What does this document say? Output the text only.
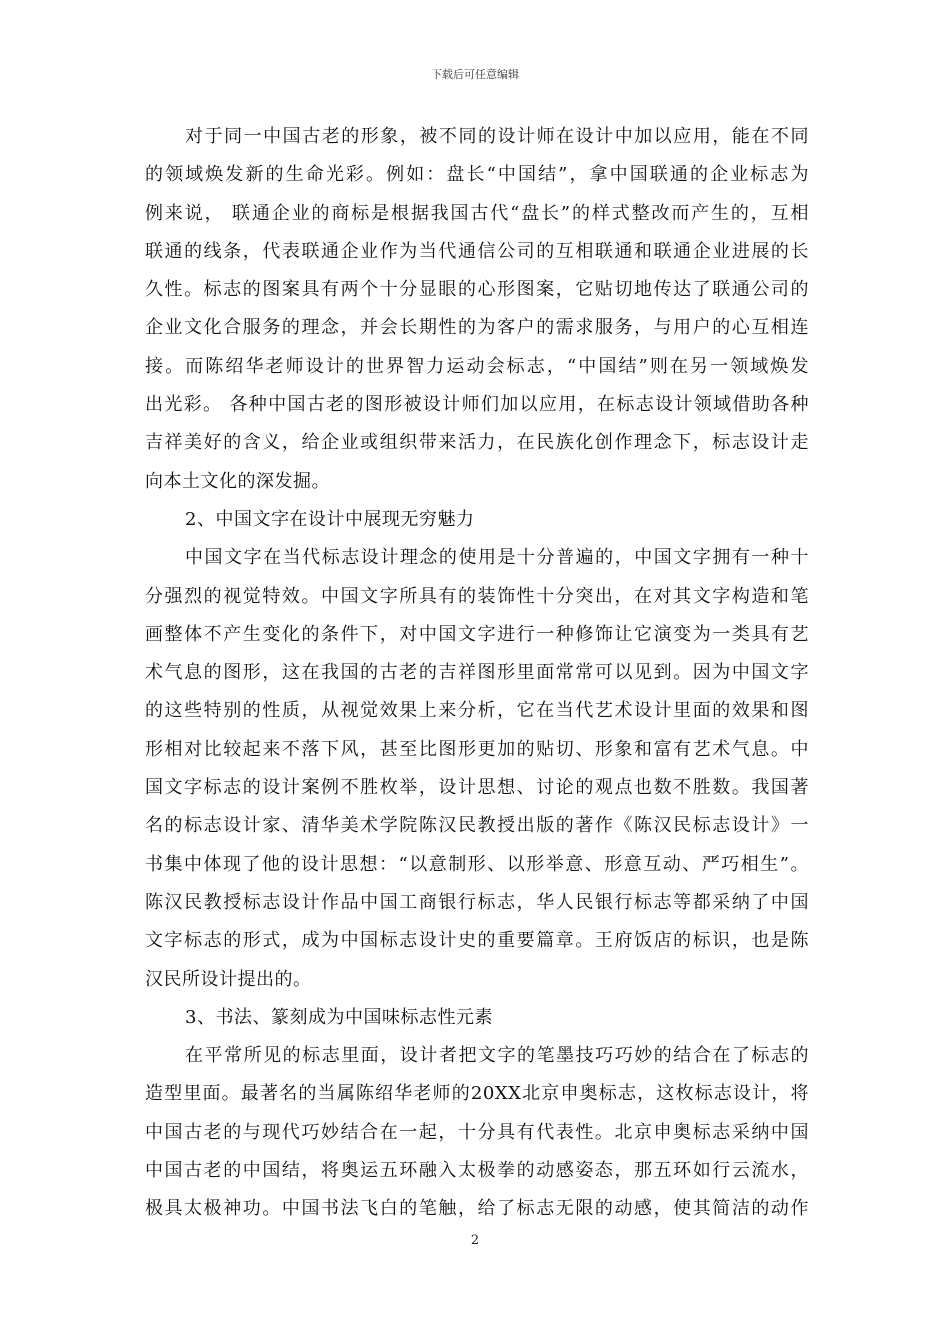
下载后可任意编辑
对于同一中国古老的形象，被不同的设计师在设计中加以应用，能在不同
的领域焕发新的生命光彩。例如：盘长“中国结”，拿中国联通的企业标志为
例来说， 联通企业的商标是根据我国古代“盘长”的样式整改而产生的，互相
联通的线条，代表联通企业作为当代通信公司的互相联通和联通企业进展的长
久性。标志的图案具有两个十分显眼的心形图案，它贴切地传达了联通公司的
企业文化合服务的理念，并会长期性的为客户的需求服务，与用户的心互相连
接。而陈绍华老师设计的世界智力运动会标志，“中国结”则在另一领域焕发
出光彩。 各种中国古老的图形被设计师们加以应用，在标志设计领域借助各种
吉祥美好的含义，给企业或组织带来活力，在民族化创作理念下，标志设计走
向本土文化的深发掘。
2、中国文字在设计中展现无穷魅力
中国文字在当代标志设计理念的使用是十分普遍的，中国文字拥有一种十
分强烈的视觉特效。中国文字所具有的装饰性十分突出，在对其文字构造和笔
画整体不产生变化的条件下，对中国文字进行一种修饰让它演变为一类具有艺
术气息的图形，这在我国的古老的吉祥图形里面常常可以见到。因为中国文字
的这些特别的性质，从视觉效果上来分析，它在当代艺术设计里面的效果和图
形相对比较起来不落下风，甚至比图形更加的贴切、形象和富有艺术气息。中
国文字标志的设计案例不胜枚举，设计思想、讨论的观点也数不胜数。我国著
名的标志设计家、清华美术学院陈汉民教授出版的著作《陈汉民标志设计》一
书集中体现了他的设计思想：“以意制形、以形举意、形意互动、严巧相生”。
陈汉民教授标志设计作品中国工商银行标志，华人民银行标志等都采纳了中国
文字标志的形式，成为中国标志设计史的重要篇章。王府饭店的标识，也是陈
汉民所设计提出的。
3、书法、篆刻成为中国味标志性元素
在平常所见的标志里面，设计者把文字的笔墨技巧巧妙的结合在了标志的
造型里面。最著名的当属陈绍华老师的20XX北京申奥标志，这枚标志设计，将
中国古老的与现代巧妙结合在一起，十分具有代表性。北京申奥标志采纳中国
中国古老的中国结，将奥运五环融入太极拳的动感姿态，那五环如行云流水，
极具太极神功。中国书法飞白的笔触，给了标志无限的动感，使其简洁的动作
2
